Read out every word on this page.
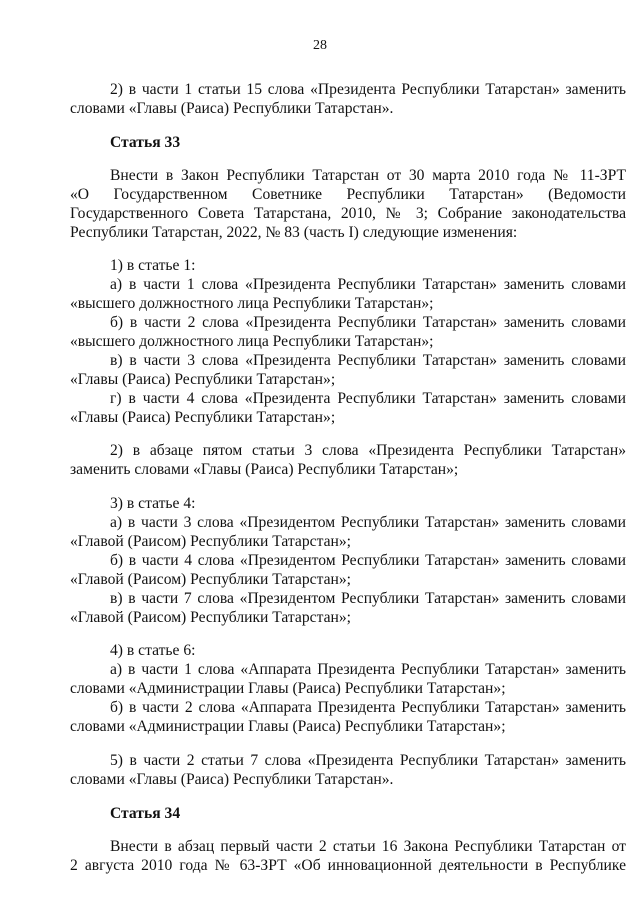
28
2) в части 1 статьи 15 слова «Президента Республики Татарстан» заменить
словами «Главы (Раиса) Республики Татарстан».
Статья 33
Внести в Закон Республики Татарстан от 30 марта 2010 года № 11-ЗРТ
«О Государственном Советнике Республики Татарстан» (Ведомости
Государственного Совета Татарстана, 2010, № 3; Собрание законодательства
Республики Татарстан, 2022, № 83 (часть I) следующие изменения:
1) в статье 1:
а) в части 1 слова «Президента Республики Татарстан» заменить словами
«высшего должностного лица Республики Татарстан»;
б) в части 2 слова «Президента Республики Татарстан» заменить словами
«высшего должностного лица Республики Татарстан»;
в) в части 3 слова «Президента Республики Татарстан» заменить словами
«Главы (Раиса) Республики Татарстан»;
г) в части 4 слова «Президента Республики Татарстан» заменить словами
«Главы (Раиса) Республики Татарстан»;
2) в абзаце пятом статьи 3 слова «Президента Республики Татарстан»
заменить словами «Главы (Раиса) Республики Татарстан»;
3) в статье 4:
а) в части 3 слова «Президентом Республики Татарстан» заменить словами
«Главой (Раисом) Республики Татарстан»;
б) в части 4 слова «Президентом Республики Татарстан» заменить словами
«Главой (Раисом) Республики Татарстан»;
в) в части 7 слова «Президентом Республики Татарстан» заменить словами
«Главой (Раисом) Республики Татарстан»;
4) в статье 6:
а) в части 1 слова «Аппарата Президента Республики Татарстан» заменить
словами «Администрации Главы (Раиса) Республики Татарстан»;
б) в части 2 слова «Аппарата Президента Республики Татарстан» заменить
словами «Администрации Главы (Раиса) Республики Татарстан»;
5) в части 2 статьи 7 слова «Президента Республики Татарстан» заменить
словами «Главы (Раиса) Республики Татарстан».
Статья 34
Внести в абзац первый части 2 статьи 16 Закона Республики Татарстан от
2 августа 2010 года № 63-ЗРТ «Об инновационной деятельности в Республике
